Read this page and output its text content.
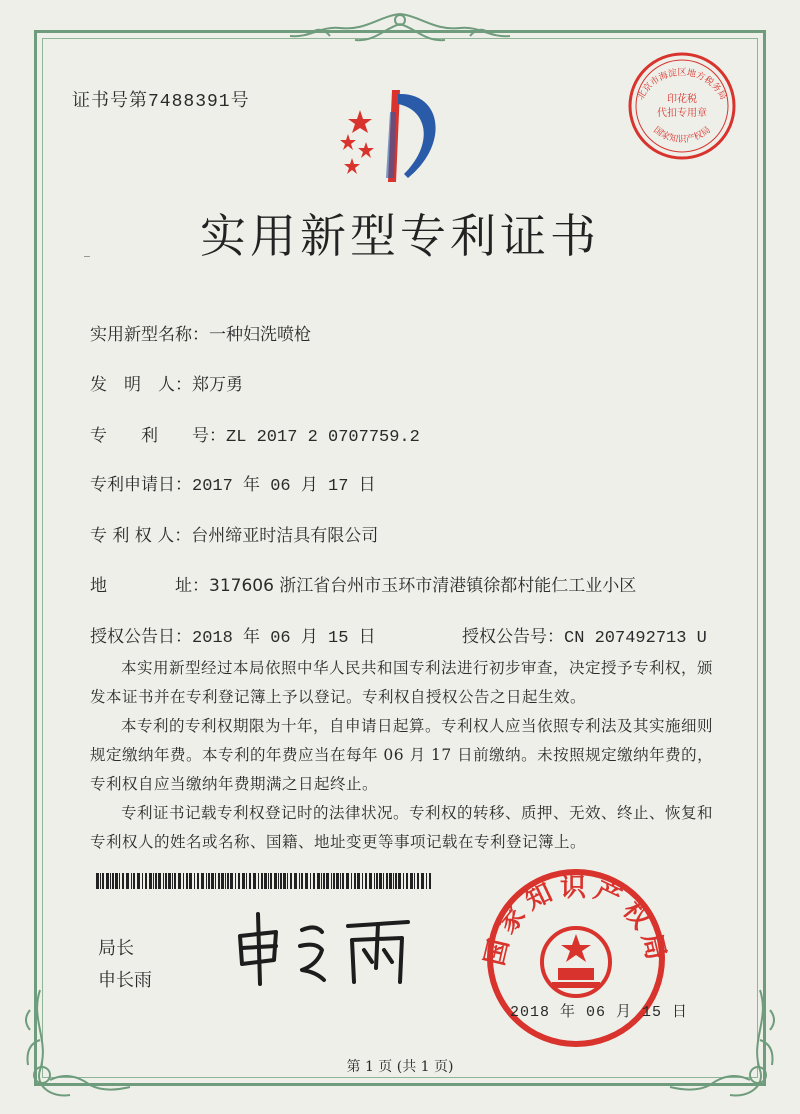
证书号第7488391号
实用新型专利证书
实用新型名称：一种妇洗喷枪
发　明　人：郑万勇
专　　利　　号：ZL 2017 2 0707759.2
专利申请日：2017 年 06 月 17 日
专 利 权 人：台州缔亚时洁具有限公司
地　　　　址：317606 浙江省台州市玉环市清港镇徐都村能仁工业小区
授权公告日：2018 年 06 月 15 日	授权公告号：CN 207492713 U

本实用新型经过本局依照中华人民共和国专利法进行初步审查，决定授予专利权，颁发本证书并在专利登记簿上予以登记。专利权自授权公告之日起生效。

本专利的专利权期限为十年，自申请日起算。专利权人应当依照专利法及其实施细则规定缴纳年费。本专利的年费应当在每年 06 月 17 日前缴纳。未按照规定缴纳年费的，专利权自应当缴纳年费期满之日起终止。

专利证书记载专利权登记时的法律状况。专利权的转移、质押、无效、终止、恢复和专利权人的姓名或名称、国籍、地址变更等事项记载在专利登记簿上。

局长
申长雨
国家知识产权局
2018 年 06 月 15 日
北京市海淀区地方税务局
印花税
代扣专用章
国家知识产权局
第 1 页 (共 1 页)
